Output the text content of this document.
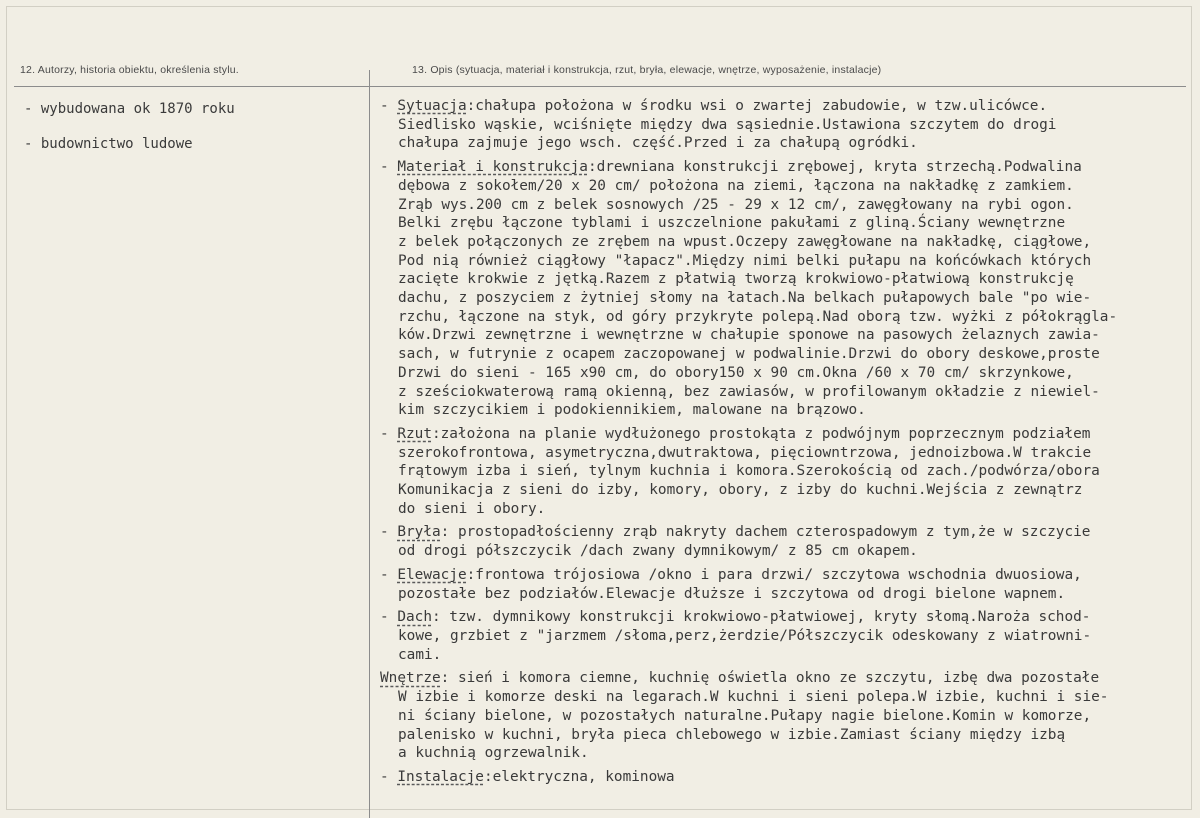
12. Autorzy, historia obiektu, określenia stylu.	13. Opis (sytuacja, materiał i konstrukcja, rzut, bryła, elewacje, wnętrze, wyposażenie, instalacje)
- wybudowana ok 1870 roku
- budownictwo ludowe

- Sytuacja:chałupa położona w środku wsi o zwartej zabudowie, w tzw.ulicówce.

Siedlisko wąskie, wciśnięte między dwa sąsiednie.Ustawiona szczytem do drogi

chałupa zajmuje jego wsch. część.Przed i za chałupą ogródki.

- Materiał i konstrukcja:drewniana konstrukcji zrębowej, kryta strzechą.Podwalina

dębowa z sokołem/20 x 20 cm/ położona na ziemi, łączona na nakładkę z zamkiem.

Zrąb wys.200 cm z belek sosnowych /25 - 29 x 12 cm/, zawęgłowany na rybi ogon.

Belki zrębu łączone tyblami i uszczelnione pakułami z gliną.Ściany wewnętrzne

z belek połączonych ze zrębem na wpust.Oczepy zawęgłowane na nakładkę, ciągłowe,

Pod nią również ciągłowy "łapacz".Między nimi belki pułapu na końcówkach których

zacięte krokwie z jętką.Razem z płatwią tworzą krokwiowo-płatwiową konstrukcję

dachu, z poszyciem z żytniej słomy na łatach.Na belkach pułapowych bale "po wie-

rzchu, łączone na styk, od góry przykryte polepą.Nad oborą tzw. wyżki z półokrągla-

ków.Drzwi zewnętrzne i wewnętrzne w chałupie sponowe na pasowych żelaznych zawia-

sach, w futrynie z ocapem zaczopowanej w podwalinie.Drzwi do obory deskowe,proste

Drzwi do sieni - 165 x90 cm, do obory150 x 90 cm.Okna /60 x 70 cm/ skrzynkowe,

z sześciokwaterową ramą okienną, bez zawiasów, w profilowanym okładzie z niewiel-

kim szczycikiem i podokiennikiem, malowane na brązowo.

- Rzut:założona na planie wydłużonego prostokąta z podwójnym poprzecznym podziałem

szerokofrontowa, asymetryczna,dwutraktowa, pięciowntrzowa, jednoizbowa.W trakcie

frątowym izba i sień, tylnym kuchnia i komora.Szerokością od zach./podwórza/obora

Komunikacja z sieni do izby, komory, obory, z izby do kuchni.Wejścia z zewnątrz

do sieni i obory.

- Bryła: prostopadłościenny zrąb nakryty dachem czterospadowym z tym,że w szczycie

od drogi półszczycik /dach zwany dymnikowym/ z 85 cm okapem.

- Elewacje:frontowa trójosiowa /okno i para drzwi/ szczytowa wschodnia dwuosiowa,

pozostałe bez podziałów.Elewacje dłuższe i szczytowa od drogi bielone wapnem.

- Dach: tzw. dymnikowy konstrukcji krokwiowo-płatwiowej, kryty słomą.Naroża schod-

kowe, grzbiet z "jarzmem /słoma,perz,żerdzie/Półszczycik odeskowany z wiatrowni-

cami.

Wnętrze: sień i komora ciemne, kuchnię oświetla okno ze szczytu, izbę dwa pozostałe

W izbie i komorze deski na legarach.W kuchni i sieni polepa.W izbie, kuchni i sie-

ni ściany bielone, w pozostałych naturalne.Pułapy nagie bielone.Komin w komorze,

palenisko w kuchni, bryła pieca chlebowego w izbie.Zamiast ściany między izbą

a kuchnią ogrzewalnik.

- Instalacje:elektryczna, kominowa
